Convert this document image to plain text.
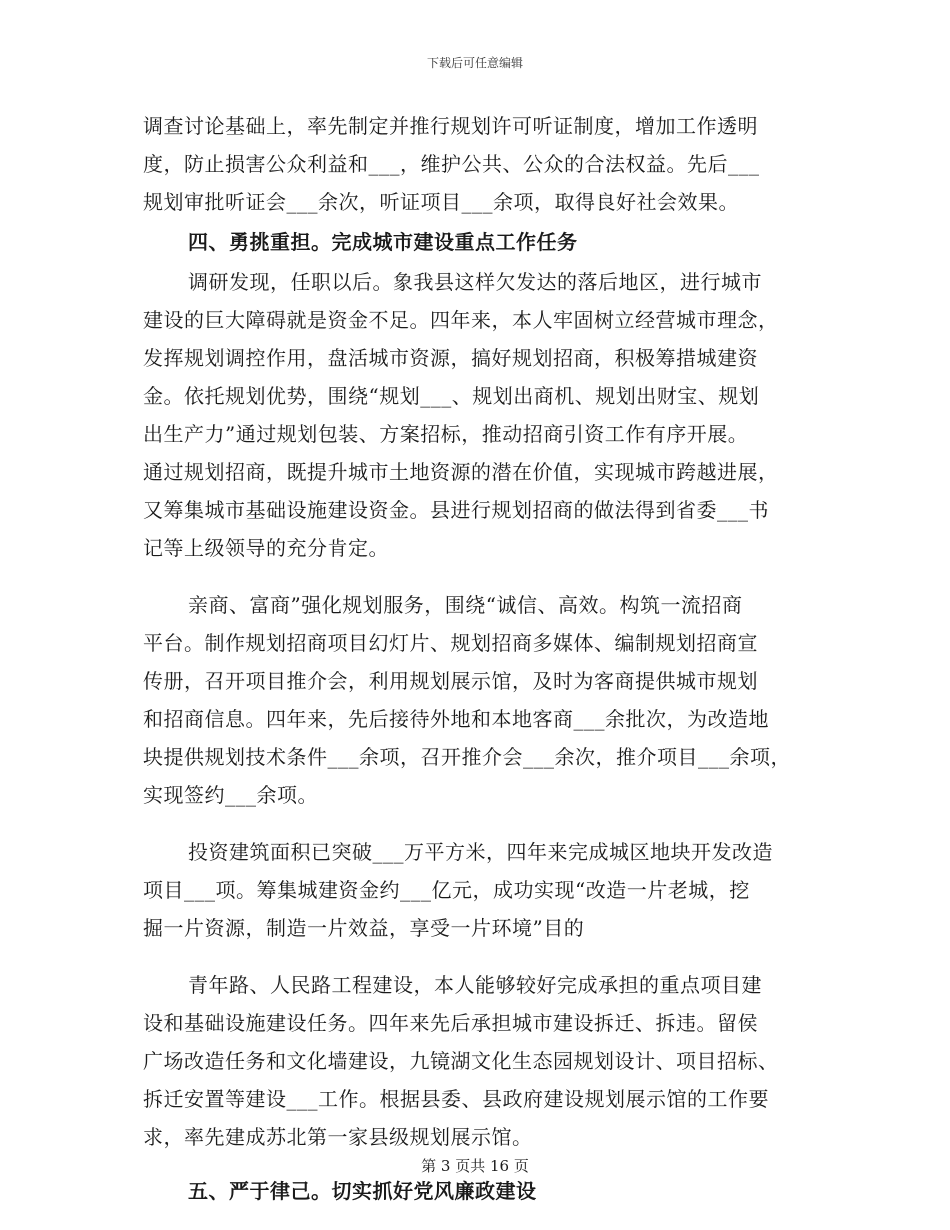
下载后可任意编辑
调查讨论基础上，率先制定并推行规划许可听证制度，增加工作透明
度，防止损害公众利益和___，维护公共、公众的合法权益。先后___
规划审批听证会___余次，听证项目___余项，取得良好社会效果。
四、勇挑重担。完成城市建设重点工作任务
调研发现，任职以后。象我县这样欠发达的落后地区，进行城市
建设的巨大障碍就是资金不足。四年来，本人牢固树立经营城市理念，
发挥规划调控作用，盘活城市资源，搞好规划招商，积极筹措城建资
金。依托规划优势，围绕“规划___、规划出商机、规划出财宝、规划
出生产力”通过规划包装、方案招标，推动招商引资工作有序开展。
通过规划招商，既提升城市土地资源的潜在价值，实现城市跨越进展，
又筹集城市基础设施建设资金。县进行规划招商的做法得到省委___书
记等上级领导的充分肯定。
亲商、富商”强化规划服务，围绕“诚信、高效。构筑一流招商
平台。制作规划招商项目幻灯片、规划招商多媒体、编制规划招商宣
传册，召开项目推介会，利用规划展示馆，及时为客商提供城市规划
和招商信息。四年来，先后接待外地和本地客商___余批次，为改造地
块提供规划技术条件___余项，召开推介会___余次，推介项目___余项，
实现签约___余项。
投资建筑面积已突破___万平方米，四年来完成城区地块开发改造
项目___项。筹集城建资金约___亿元，成功实现“改造一片老城，挖
掘一片资源，制造一片效益，享受一片环境”目的
青年路、人民路工程建设，本人能够较好完成承担的重点项目建
设和基础设施建设任务。四年来先后承担城市建设拆迁、拆违。留侯
广场改造任务和文化墙建设，九镜湖文化生态园规划设计、项目招标、
拆迁安置等建设___工作。根据县委、县政府建设规划展示馆的工作要
求，率先建成苏北第一家县级规划展示馆。
五、严于律己。切实抓好党风廉政建设
第 3 页共 16 页
